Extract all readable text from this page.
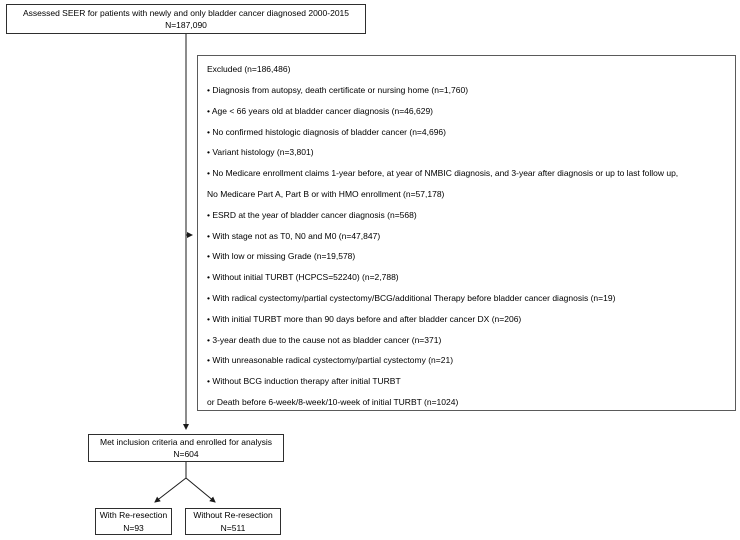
Assessed SEER for patients with newly and only bladder cancer diagnosed 2000-2015
N=187,090
Excluded (n=186,486)
• Diagnosis from autopsy, death certificate or nursing home (n=1,760)
• Age < 66 years old at bladder cancer diagnosis (n=46,629)
• No confirmed histologic diagnosis of bladder cancer (n=4,696)
• Variant histology (n=3,801)
• No Medicare enrollment claims 1-year before, at year of NMBIC diagnosis, and 3-year after diagnosis or up to last follow up,
No Medicare Part A, Part B or with HMO enrollment (n=57,178)
• ESRD at the year of bladder cancer diagnosis (n=568)
• With stage not as T0, N0 and M0 (n=47,847)
• With low or missing Grade (n=19,578)
• Without initial TURBT (HCPCS=52240) (n=2,788)
• With radical cystectomy/partial cystectomy/BCG/additional Therapy before bladder cancer diagnosis (n=19)
• With initial TURBT more than 90 days before and after bladder cancer DX (n=206)
• 3-year death due to the cause not as bladder cancer (n=371)
• With unreasonable radical cystectomy/partial cystectomy (n=21)
• Without BCG induction therapy after initial TURBT
or Death before 6-week/8-week/10-week of initial TURBT (n=1024)
Met inclusion criteria and enrolled for analysis
N=604
With Re-resection
N=93
Without Re-resection
N=511
